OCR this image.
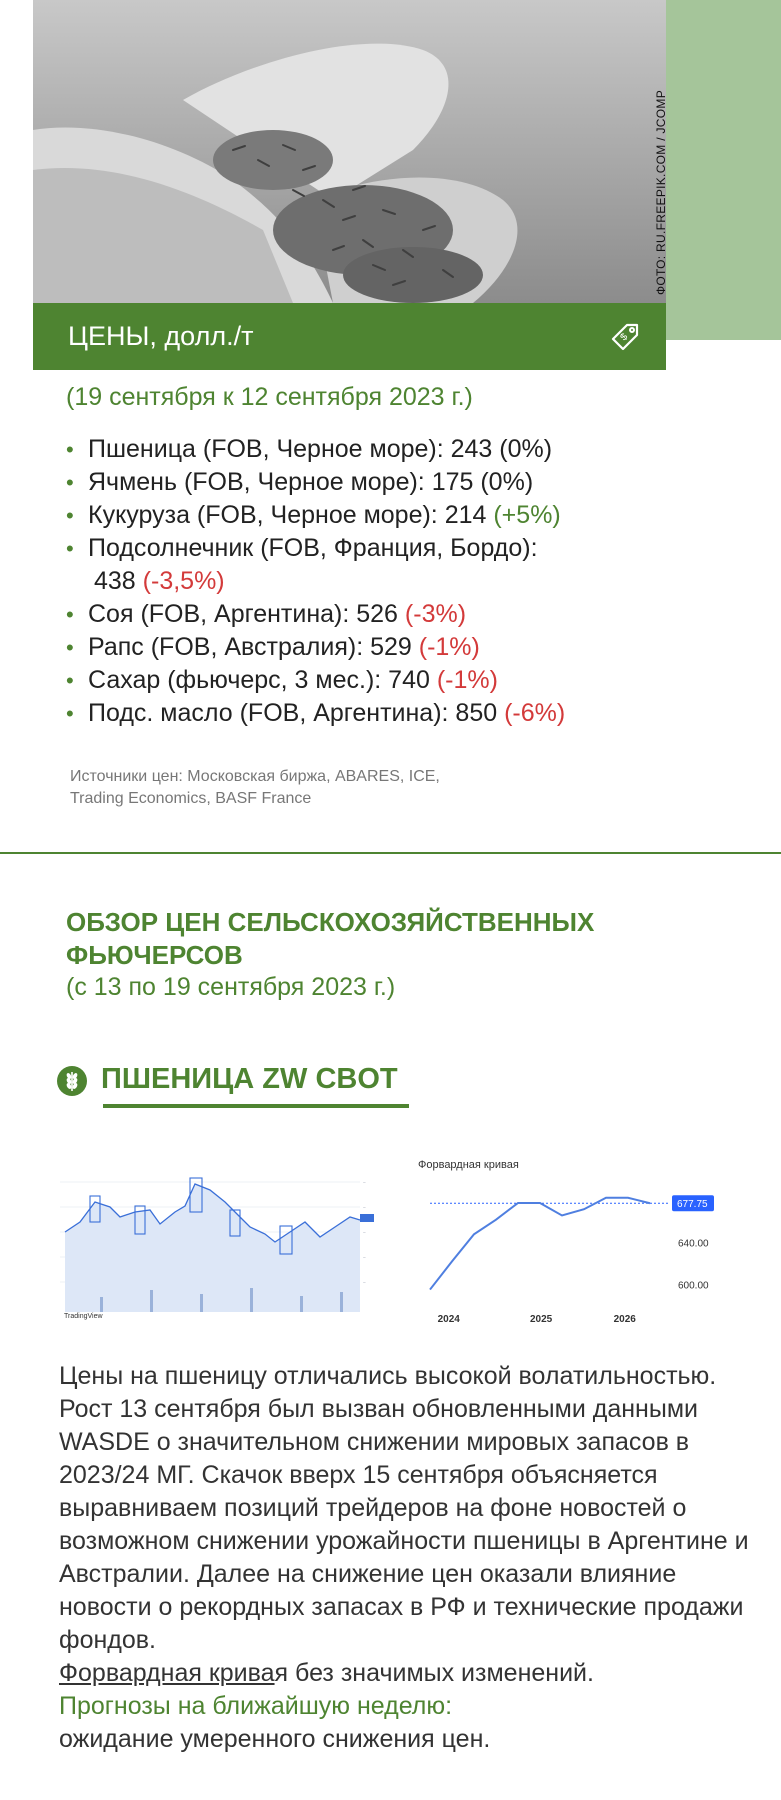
ФОТО: RU.FREEPIK.COM / JCOMP
ЦЕНЫ, долл./т	$
(19 сентября к 12 сентября 2023 г.)
• Пшеница (FOB, Черное море): 243 (0%)
• Ячмень (FOB, Черное море): 175 (0%)
• Кукуруза (FOB, Черное море): 214 (+5%)
• Подсолнечник (FOB, Франция, Бордо):
438 (-3,5%)
• Соя (FOB, Аргентина): 526 (-3%)
• Рапс (FOB, Австралия): 529 (-1%)
• Сахар (фьючерс, 3 мес.): 740 (-1%)
• Подс. масло (FOB, Аргентина): 850 (-6%)
Источники цен: Московская биржа, ABARES, ICE,
Trading Economics, BASF France
ОБЗОР ЦЕН СЕЛЬСКОХОЗЯЙСТВЕННЫХ ФЬЮЧЕРСОВ
(с 13 по 19 сентября 2023 г.)
ПШЕНИЦА ZW CBOT
−
−
−
−
−
TradingView
Форвардная кривая
600.00
640.00
677.75
2024	2025	2026

Цены на пшеницу отличались высокой волатильностью. Рост 13 сентября был вызван обновленными данными WASDE о значительном снижении мировых запасов в 2023/24 МГ. Скачок вверх 15 сентября объясняется выравниваем позиций трейдеров на фоне новостей о возможном снижении урожайности пшеницы в Аргентине и Австралии. Далее на снижение цен оказали влияние новости о рекордных запасах в РФ и технические продажи фондов.

Форвардная кривая без значимых изменений.

Прогнозы на ближайшую неделю:

ожидание умеренного снижения цен.
